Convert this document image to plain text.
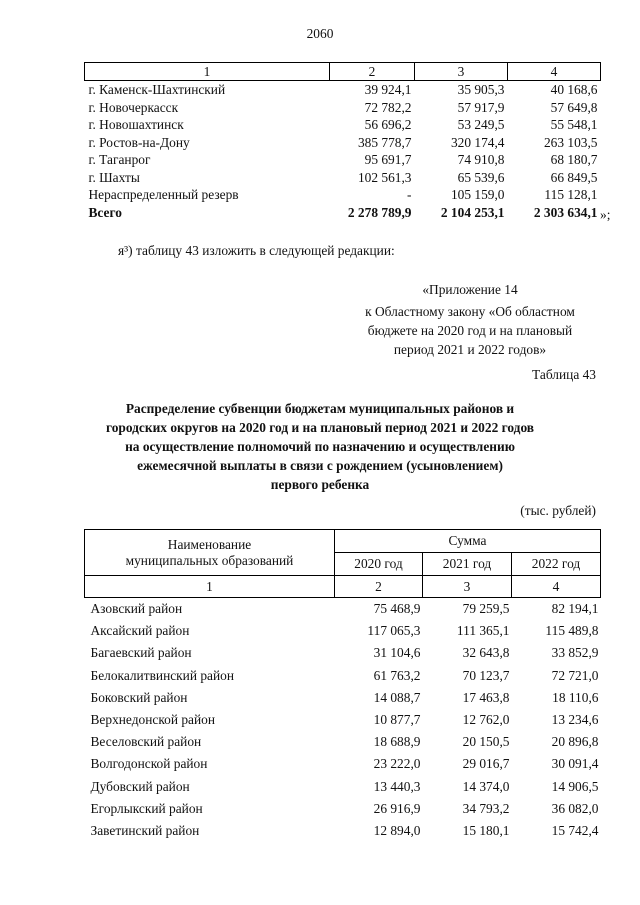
2060
1	2	3	4
г. Каменск-Шахтинский	39 924,1	35 905,3	40 168,6
г. Новочеркасск	72 782,2	57 917,9	57 649,8
г. Новошахтинск	56 696,2	53 249,5	55 548,1
г. Ростов-на-Дону	385 778,7	320 174,4	263 103,5
г. Таганрог	95 691,7	74 910,8	68 180,7
г. Шахты	102 561,3	65 539,6	66 849,5
Нераспределенный резерв	-	105 159,0	115 128,1
Всего	2 278 789,9	2 104 253,1	2 303 634,1 »;
я³) таблицу 43 изложить в следующей редакции:
«Приложение 14
к Областному закону «Об областном
бюджете на 2020 год и на плановый
период 2021 и 2022 годов»
Таблица 43
Распределение субвенции бюджетам муниципальных районов и
городских округов на 2020 год и на плановый период 2021 и 2022 годов
на осуществление полномочий по назначению и осуществлению
ежемесячной выплаты в связи с рождением (усыновлением)
первого ребенка
(тыс. рублей)
Наименование
муниципальных образований	Сумма		
	2020 год	2021 год	2022 год
1	2	3	4
Азовский район	75 468,9	79 259,5	82 194,1
Аксайский район	117 065,3	111 365,1	115 489,8
Багаевский район	31 104,6	32 643,8	33 852,9
Белокалитвинский район	61 763,2	70 123,7	72 721,0
Боковский район	14 088,7	17 463,8	18 110,6
Верхнедонской район	10 877,7	12 762,0	13 234,6
Веселовский район	18 688,9	20 150,5	20 896,8
Волгодонской район	23 222,0	29 016,7	30 091,4
Дубовский район	13 440,3	14 374,0	14 906,5
Егорлыкский район	26 916,9	34 793,2	36 082,0
Заветинский район	12 894,0	15 180,1	15 742,4
